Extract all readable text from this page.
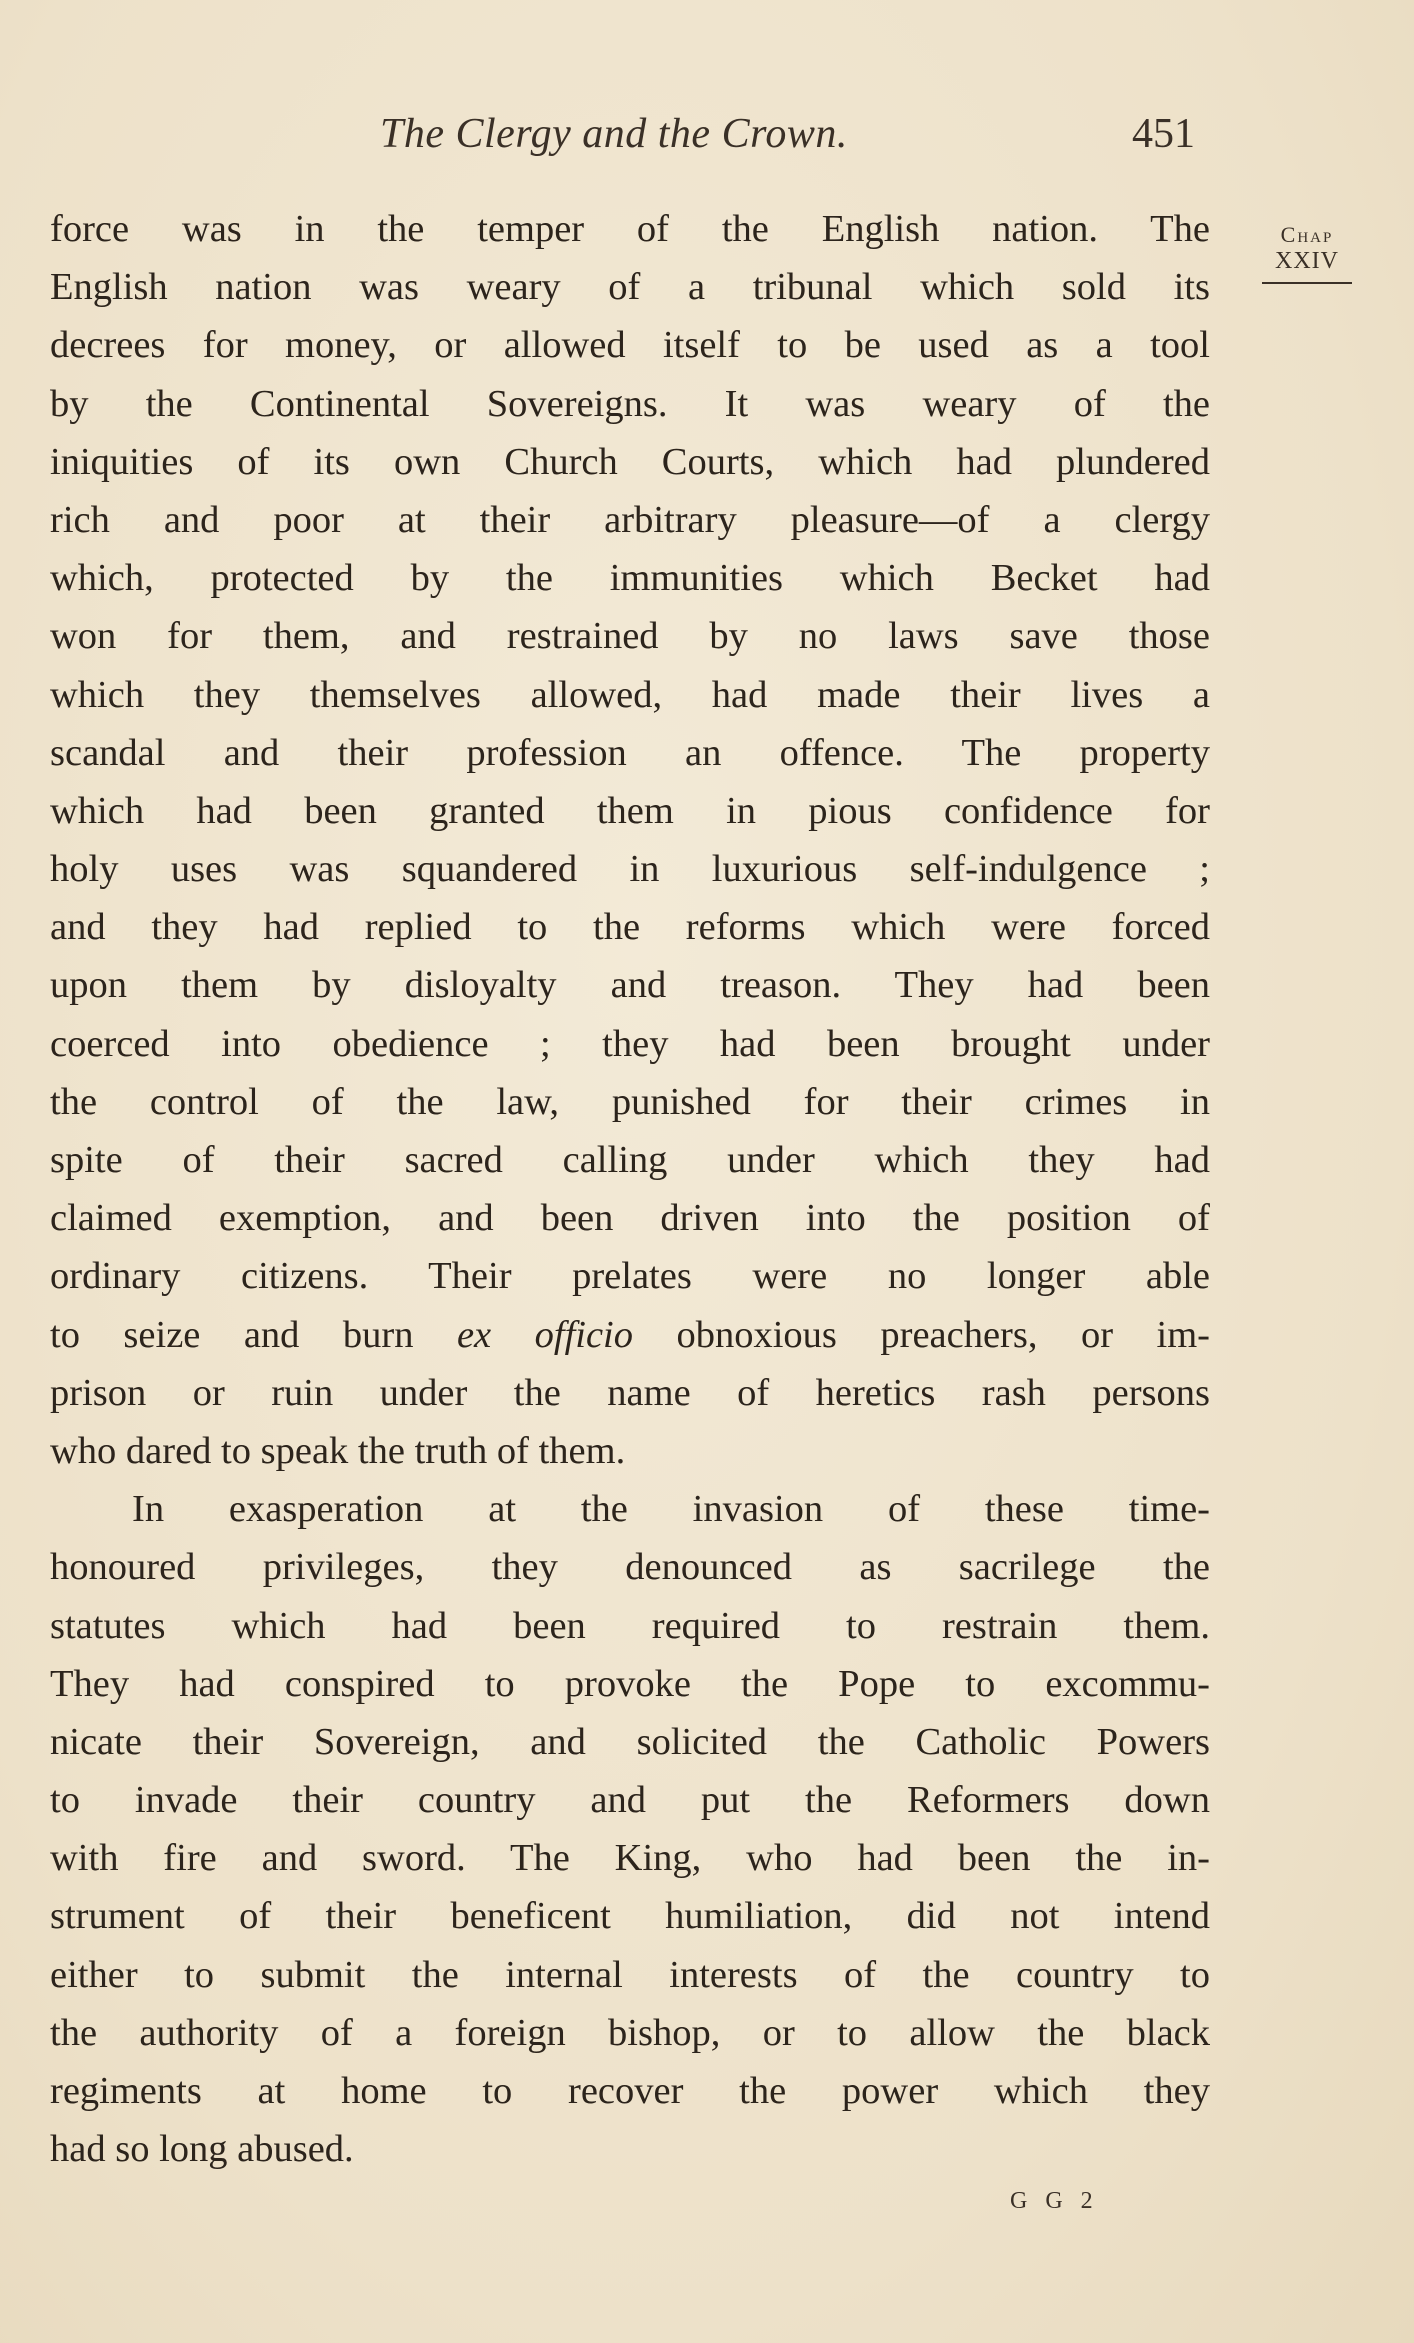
The Clergy and the Crown.	451
Chap
XXIV
force was in the temper of the English nation. The
English nation was weary of a tribunal which sold its
decrees for money, or allowed itself to be used as a tool
by the Continental Sovereigns. It was weary of the
iniquities of its own Church Courts, which had plundered
rich and poor at their arbitrary pleasure—of a clergy
which, protected by the immunities which Becket had
won for them, and restrained by no laws save those
which they themselves allowed, had made their lives a
scandal and their profession an offence. The property
which had been granted them in pious confidence for
holy uses was squandered in luxurious self-indulgence ;
and they had replied to the reforms which were forced
upon them by disloyalty and treason. They had been
coerced into obedience ; they had been brought under
the control of the law, punished for their crimes in
spite of their sacred calling under which they had
claimed exemption, and been driven into the position of
ordinary citizens. Their prelates were no longer able
to seize and burn ex officio obnoxious preachers, or im-
prison or ruin under the name of heretics rash persons
who dared to speak the truth of them.
In exasperation at the invasion of these time-
honoured privileges, they denounced as sacrilege the
statutes which had been required to restrain them.
They had conspired to provoke the Pope to excommu-
nicate their Sovereign, and solicited the Catholic Powers
to invade their country and put the Reformers down
with fire and sword. The King, who had been the in-
strument of their beneficent humiliation, did not intend
either to submit the internal interests of the country to
the authority of a foreign bishop, or to allow the black
regiments at home to recover the power which they
had so long abused.
G G 2
